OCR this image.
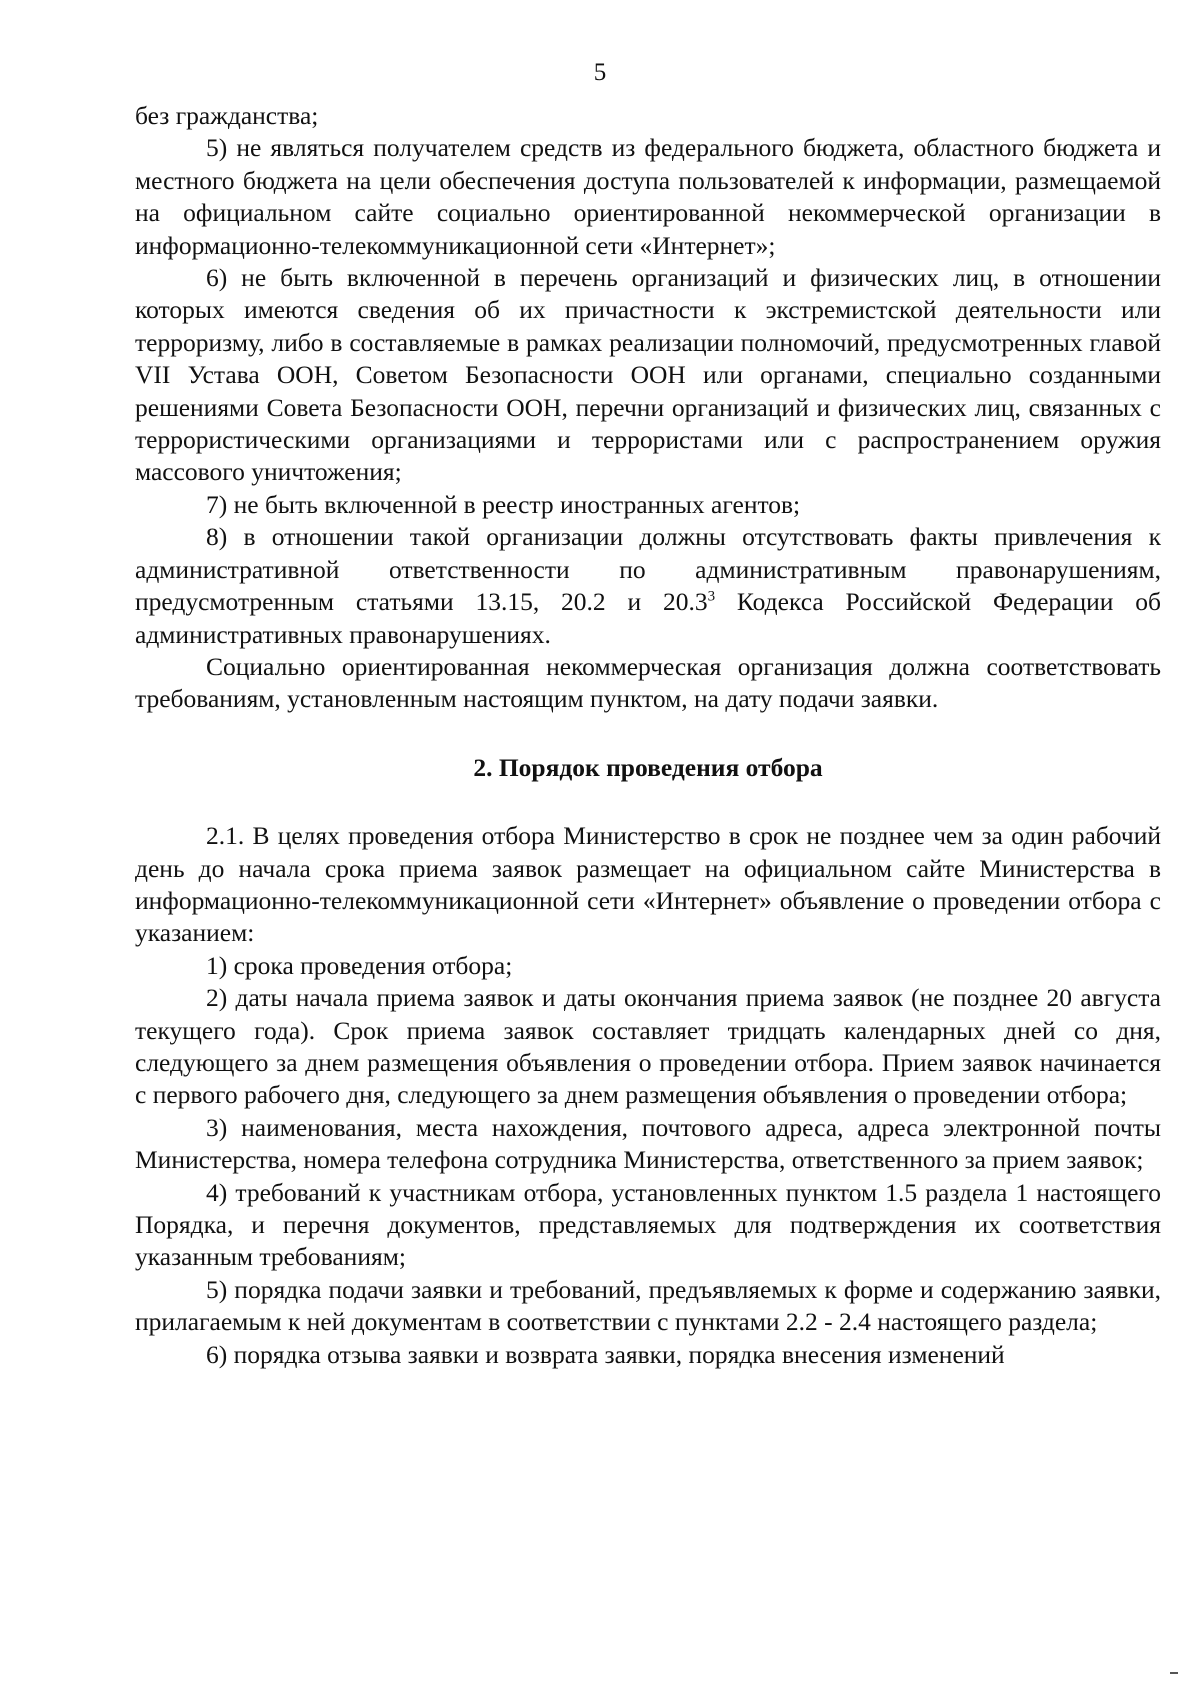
5

без гражданства;

5) не являться получателем средств из федерального бюджета, областного бюджета и местного бюджета на цели обеспечения доступа пользователей к информации, размещаемой на официальном сайте социально ориентированной некоммерческой организации в информационно-телекоммуникационной сети «Интернет»;

6) не быть включенной в перечень организаций и физических лиц, в отношении которых имеются сведения об их причастности к экстремистской деятельности или терроризму, либо в составляемые в рамках реализации полномочий, предусмотренных главой VII Устава ООН, Советом Безопасности ООН или органами, специально созданными решениями Совета Безопасности ООН, перечни организаций и физических лиц, связанных с террористическими организациями и террористами или с распространением оружия массового уничтожения;

7) не быть включенной в реестр иностранных агентов;

8) в отношении такой организации должны отсутствовать факты привлечения к административной ответственности по административным правонарушениям, предусмотренным статьями 13.15, 20.2 и 20.3$^3$ Кодекса Российской Федерации об административных правонарушениях.

Социально ориентированная некоммерческая организация должна соответствовать требованиям, установленным настоящим пунктом, на дату подачи заявки.

2. Порядок проведения отбора

2.1. В целях проведения отбора Министерство в срок не позднее чем за один рабочий день до начала срока приема заявок размещает на официальном сайте Министерства в информационно-телекоммуникационной сети «Интернет» объявление о проведении отбора с указанием:

1) срока проведения отбора;

2) даты начала приема заявок и даты окончания приема заявок (не позднее 20 августа текущего года). Срок приема заявок составляет тридцать календарных дней со дня, следующего за днем размещения объявления о проведении отбора. Прием заявок начинается с первого рабочего дня, следующего за днем размещения объявления о проведении отбора;

3) наименования, места нахождения, почтового адреса, адреса электронной почты Министерства, номера телефона сотрудника Министерства, ответственного за прием заявок;

4) требований к участникам отбора, установленных пунктом 1.5 раздела 1 настоящего Порядка, и перечня документов, представляемых для подтверждения их соответствия указанным требованиям;

5) порядка подачи заявки и требований, предъявляемых к форме и содержанию заявки, прилагаемым к ней документам в соответствии с пунктами 2.2 - 2.4 настоящего раздела;

6) порядка отзыва заявки и возврата заявки, порядка внесения изменений
